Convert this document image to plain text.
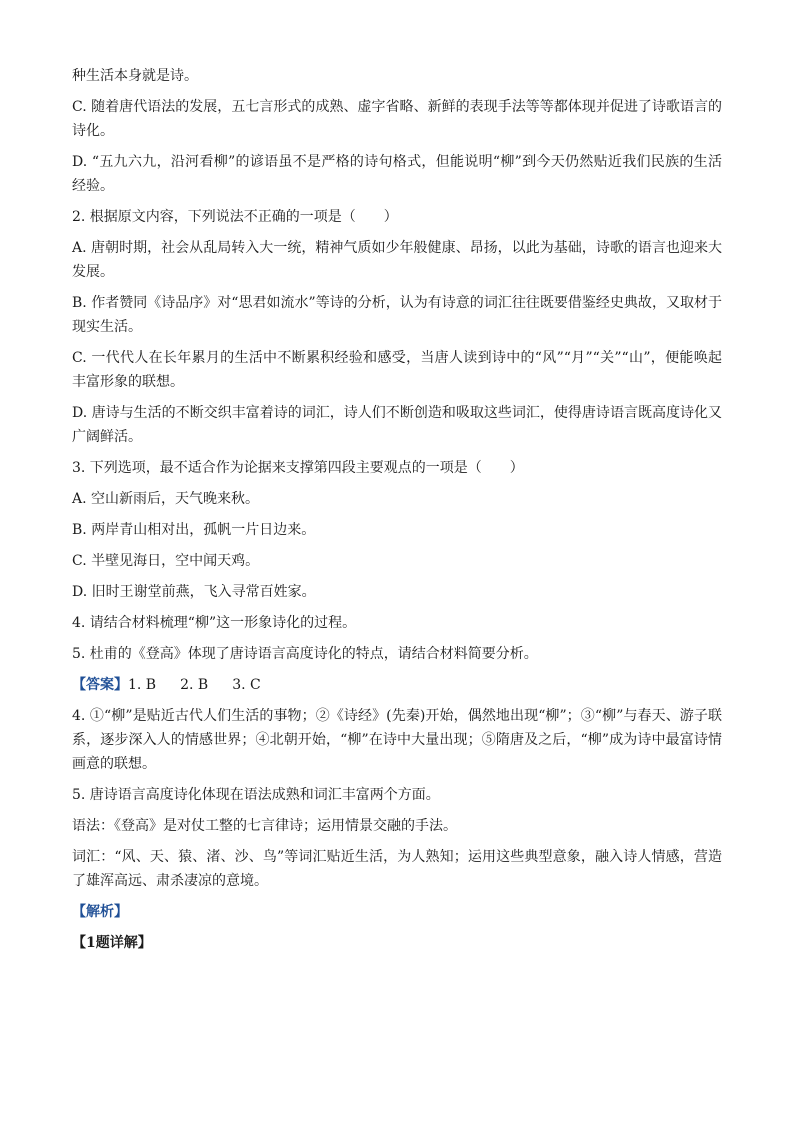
种生活本身就是诗。

C. 随着唐代语法的发展，五七言形式的成熟、虚字省略、新鲜的表现手法等等都体现并促进了诗歌语言的诗化。

D. “五九六九，沿河看柳”的谚语虽不是严格的诗句格式，但能说明“柳”到今天仍然贴近我们民族的生活经验。

2. 根据原文内容，下列说法不正确的一项是（　　）

A. 唐朝时期，社会从乱局转入大一统，精神气质如少年般健康、昂扬，以此为基础，诗歌的语言也迎来大发展。

B. 作者赞同《诗品序》对“思君如流水”等诗的分析，认为有诗意的词汇往往既要借鉴经史典故，又取材于现实生活。

C. 一代代人在长年累月的生活中不断累积经验和感受，当唐人读到诗中的“风”“月”“关”“山”，便能唤起丰富形象的联想。

D. 唐诗与生活的不断交织丰富着诗的词汇，诗人们不断创造和吸取这些词汇，使得唐诗语言既高度诗化又广阔鲜活。

3. 下列选项，最不适合作为论据来支撑第四段主要观点的一项是（　　）

A. 空山新雨后，天气晚来秋。

B. 两岸青山相对出，孤帆一片日边来。

C. 半壁见海日，空中闻天鸡。

D. 旧时王谢堂前燕，飞入寻常百姓家。

4. 请结合材料梳理“柳”这一形象诗化的过程。

5. 杜甫的《登高》体现了唐诗语言高度诗化的特点，请结合材料简要分析。

【答案】1. B 2. B 3. C

4. ①“柳”是贴近古代人们生活的事物；②《诗经》(先秦)开始，偶然地出现“柳”；③“柳”与春天、游子联系，逐步深入人的情感世界；④北朝开始，“柳”在诗中大量出现；⑤隋唐及之后，“柳”成为诗中最富诗情画意的联想。

5. 唐诗语言高度诗化体现在语法成熟和词汇丰富两个方面。

语法：《登高》是对仗工整的七言律诗；运用情景交融的手法。

词汇：“风、天、猿、渚、沙、鸟”等词汇贴近生活，为人熟知；运用这些典型意象，融入诗人情感，营造了雄浑高远、肃杀凄凉的意境。

【解析】

【1题详解】
